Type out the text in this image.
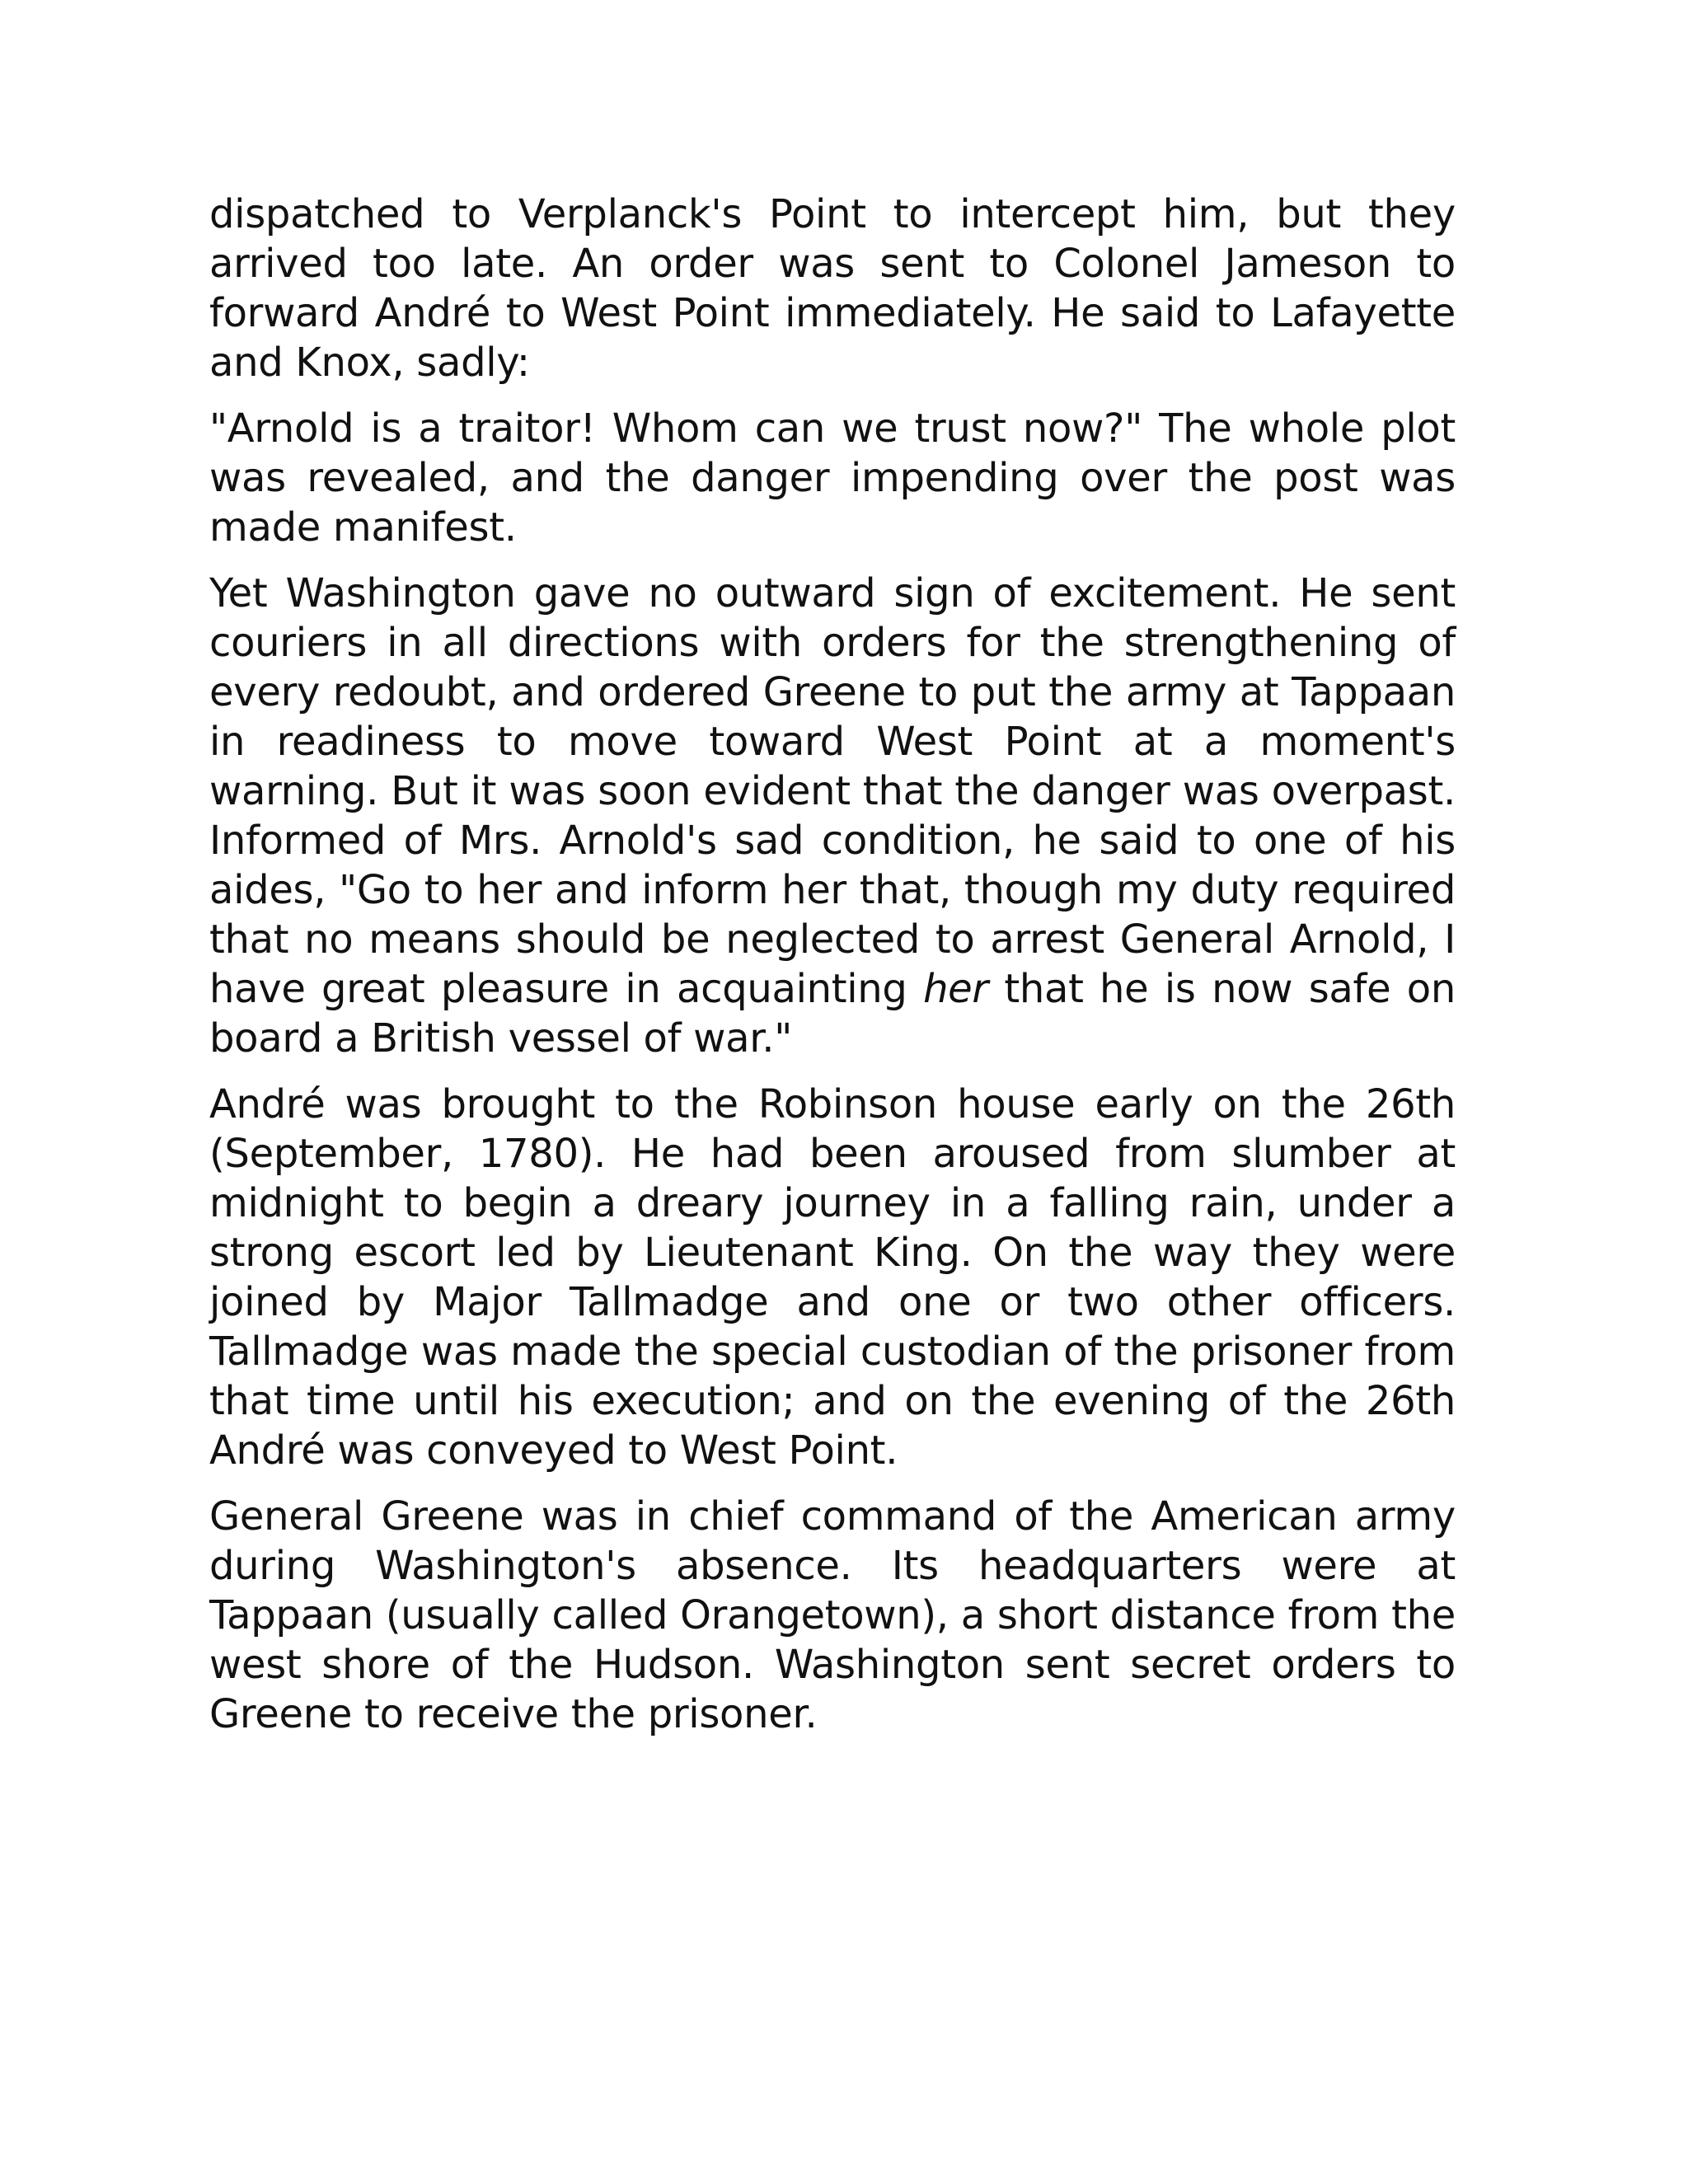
dispatched to Verplanck's Point to intercept him, but they arrived too late. An order was sent to Colonel Jameson to forward André to West Point immediately. He said to Lafayette and Knox, sadly:

"Arnold is a traitor! Whom can we trust now?" The whole plot was revealed, and the danger impending over the post was made manifest.

Yet Washington gave no outward sign of excitement. He sent couriers in all directions with orders for the strengthening of every redoubt, and ordered Greene to put the army at Tappaan in readiness to move toward West Point at a moment's warning. But it was soon evident that the danger was overpast. Informed of Mrs. Arnold's sad condition, he said to one of his aides, "Go to her and inform her that, though my duty required that no means should be neglected to arrest General Arnold, I have great pleasure in acquainting her that he is now safe on board a British vessel of war."

André was brought to the Robinson house early on the 26th (September, 1780). He had been aroused from slumber at midnight to begin a dreary journey in a falling rain, under a strong escort led by Lieutenant King. On the way they were joined by Major Tallmadge and one or two other officers. Tallmadge was made the special custodian of the prisoner from that time until his execution; and on the evening of the 26th André was conveyed to West Point.

General Greene was in chief command of the American army during Washington's absence. Its headquarters were at Tappaan (usually called Orangetown), a short distance from the west shore of the Hudson. Washington sent secret orders to Greene to receive the prisoner.
